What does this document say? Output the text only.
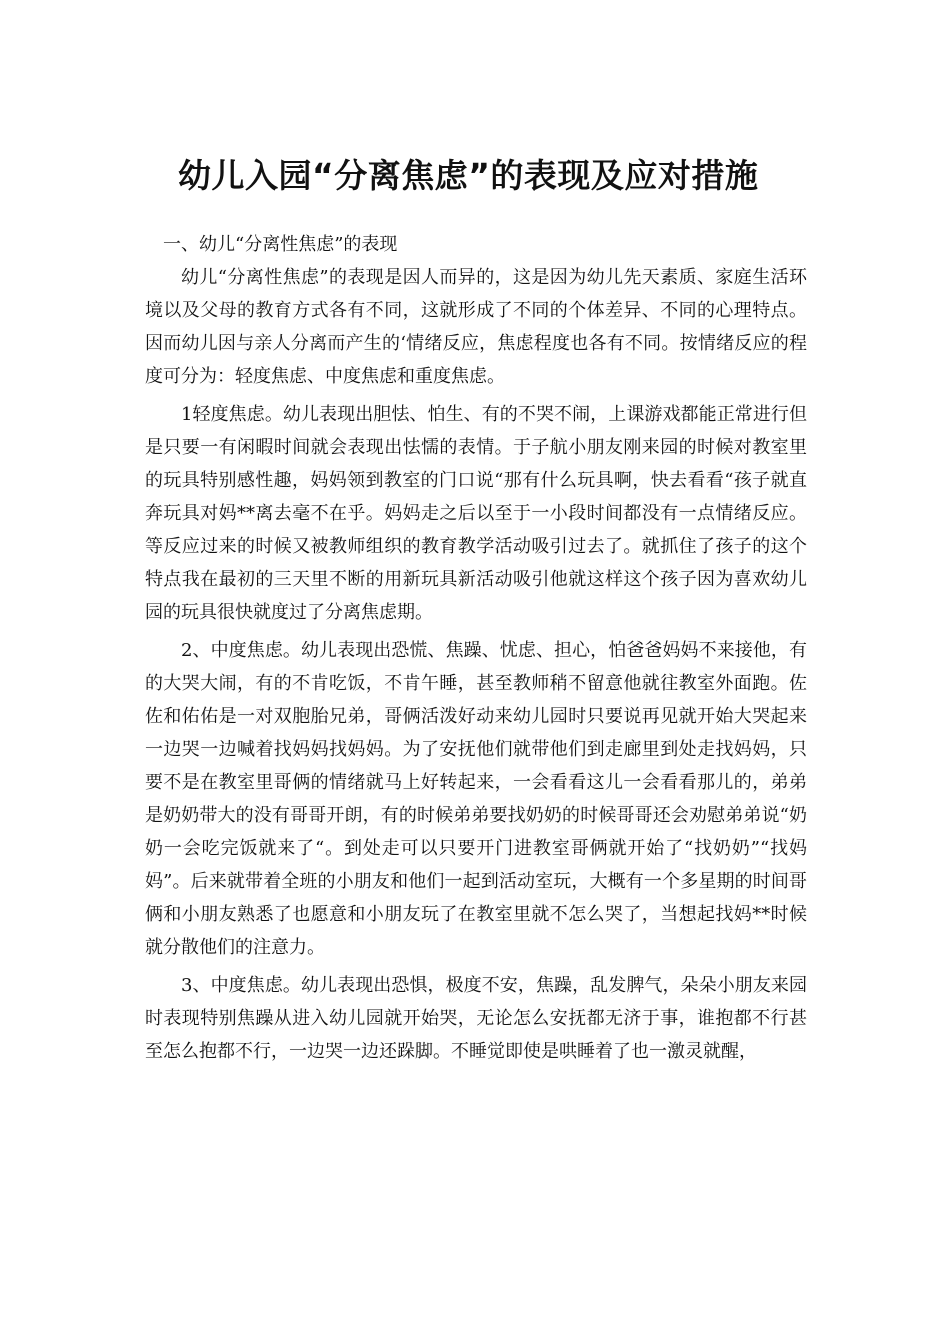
幼儿入园“分离焦虑”的表现及应对措施

一、幼儿“分离性焦虑”的表现

幼儿“分离性焦虑”的表现是因人而异的，这是因为幼儿先天素质、家庭生活环境以及父母的教育方式各有不同，这就形成了不同的个体差异、不同的心理特点。因而幼儿因与亲人分离而产生的‘情绪反应，焦虑程度也各有不同。按情绪反应的程度可分为：轻度焦虑、中度焦虑和重度焦虑。

1轻度焦虑。幼儿表现出胆怯、怕生、有的不哭不闹，上课游戏都能正常进行但是只要一有闲暇时间就会表现出怯懦的表情。于子航小朋友刚来园的时候对教室里的玩具特别感性趣，妈妈领到教室的门口说“那有什么玩具啊，快去看看“孩子就直奔玩具对妈**离去毫不在乎。妈妈走之后以至于一小段时间都没有一点情绪反应。等反应过来的时候又被教师组织的教育教学活动吸引过去了。就抓住了孩子的这个特点我在最初的三天里不断的用新玩具新活动吸引他就这样这个孩子因为喜欢幼儿园的玩具很快就度过了分离焦虑期。

2、中度焦虑。幼儿表现出恐慌、焦躁、忧虑、担心，怕爸爸妈妈不来接他，有的大哭大闹，有的不肯吃饭，不肯午睡，甚至教师稍不留意他就往教室外面跑。佐佐和佑佑是一对双胞胎兄弟，哥俩活泼好动来幼儿园时只要说再见就开始大哭起来一边哭一边喊着找妈妈找妈妈。为了安抚他们就带他们到走廊里到处走找妈妈，只要不是在教室里哥俩的情绪就马上好转起来，一会看看这儿一会看看那儿的，弟弟是奶奶带大的没有哥哥开朗，有的时候弟弟要找奶奶的时候哥哥还会劝慰弟弟说“奶奶一会吃完饭就来了“。到处走可以只要开门进教室哥俩就开始了“找奶奶”“找妈妈”。后来就带着全班的小朋友和他们一起到活动室玩，大概有一个多星期的时间哥俩和小朋友熟悉了也愿意和小朋友玩了在教室里就不怎么哭了，当想起找妈**时候就分散他们的注意力。

3、中度焦虑。幼儿表现出恐惧，极度不安，焦躁，乱发脾气，朵朵小朋友来园时表现特别焦躁从进入幼儿园就开始哭，无论怎么安抚都无济于事，谁抱都不行甚至怎么抱都不行，一边哭一边还跺脚。不睡觉即使是哄睡着了也一激灵就醒，
